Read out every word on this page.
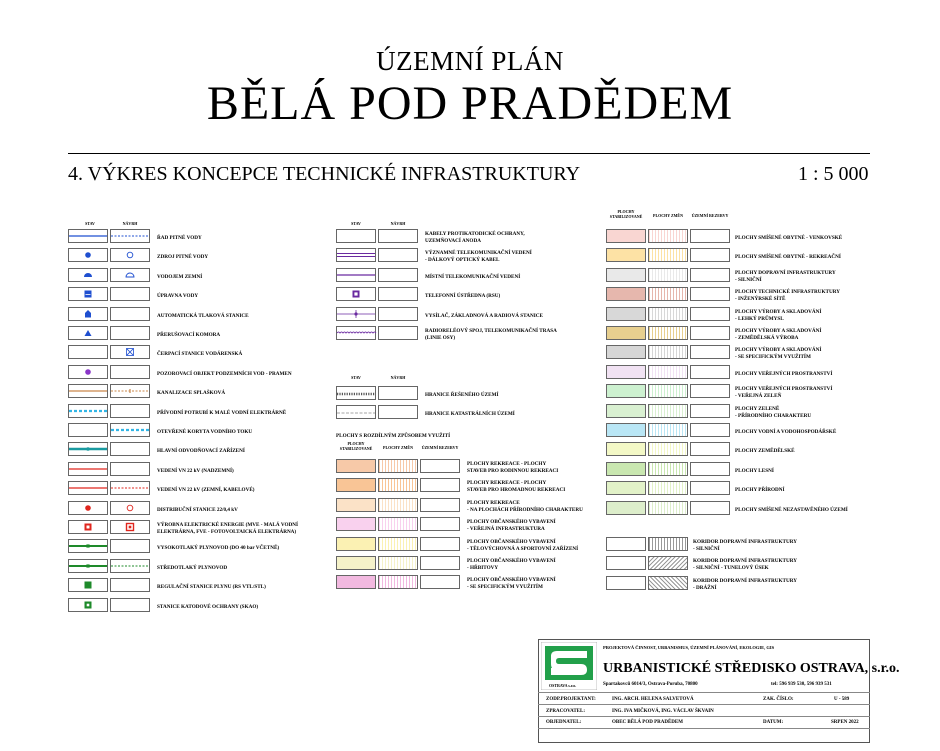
ÚZEMNÍ PLÁN
BĚLÁ POD PRADĚDEM
4. VÝKRES KONCEPCE TECHNICKÉ INFRASTRUKTURY	1 : 5 000
STAV	NÁVRH	STAV	NÁVRH
PLOCHY STABILIZOVANÉ	PLOCHY ZMĚN	ÚZEMNÍ REZERVY
ŘAD PITNÉ VODY
ZDROJ PITNÉ VODY
VODOJEM ZEMNÍ
ÚPRAVNA VODY
AUTOMATICKÁ TLAKOVÁ STANICE
PŘERUŠOVACÍ KOMORA
ČERPACÍ STANICE VODÁRENSKÁ
POZOROVACÍ OBJEKT PODZEMNÍCH VOD - PRAMEN
KANALIZACE SPLAŠKOVÁ
PŘÍVODNÍ POTRUBÍ K MALÉ VODNÍ ELEKTRÁRNĚ
OTEVŘENÉ KORYTA VODNÍHO TOKU
HLAVNÍ ODVODŇOVACÍ ZAŘÍZENÍ
VEDENÍ VN 22 kV (NADZEMNÍ)
VEDENÍ VN 22 kV (ZEMNÍ, KABELOVÉ)
DISTRIBUČNÍ STANICE 22/0,4 kV
VÝROBNA ELEKTRICKÉ ENERGIE (MVE - MALÁ VODNÍ
ELEKTRÁRNA, FVE - FOTOVOLTAICKÁ ELEKTRÁRNA)
VYSOKOTLAKÝ PLYNOVOD (DO 40 bar VČETNĚ)
STŘEDOTLAKÝ PLYNOVOD
REGULAČNÍ STANICE PLYNU (RS VTL/STL)
STANICE KATODOVÉ OCHRANY (SKAO)
KABELY PROTIKATODICKÉ OCHRANY,
UZEMŇOVACÍ ANODA
VÝZNAMNÉ TELEKOMUNIKAČNÍ VEDENÍ
- DÁLKOVÝ OPTICKÝ KABEL
MÍSTNÍ TELEKOMUNIKAČNÍ VEDENÍ
TELEFONNÍ ÚSTŘEDNA (RSU)
VYSÍLAČ, ZÁKLADNOVÁ A RADIOVÁ STANICE
RADIORELÉOVÝ SPOJ, TELEKOMUNIKAČNÍ TRASA
(LINIE OSY)
STAV	NÁVRH
HRANICE ŘEŠENÉHO ÚZEMÍ
HRANICE KATASTRÁLNÍCH ÚZEMÍ
PLOCHY S ROZDÍLNÝM ZPŮSOBEM VYUŽITÍ
PLOCHY STABILIZOVANÉ	PLOCHY ZMĚN	ÚZEMNÍ REZERVY
PLOCHY REKREACE - PLOCHY
STAVEB PRO RODINNOU REKREACI
PLOCHY REKREACE - PLOCHY
STAVEB PRO HROMADNOU REKREACI
PLOCHY REKREACE
- NA PLOCHÁCH PŘÍRODNÍHO CHARAKTERU
PLOCHY OBČANSKÉHO VYBAVENÍ
- VEŘEJNÁ INFRASTRUKTURA
PLOCHY OBČANSKÉHO VYBAVENÍ
- TĚLOVÝCHOVNÁ A SPORTOVNÍ ZAŘÍZENÍ
PLOCHY OBČANSKÉHO VYBAVENÍ
- HŘBITOVY
PLOCHY OBČANSKÉHO VYBAVENÍ
- SE SPECIFICKÝM VYUŽITÍM
PLOCHY SMÍŠENÉ OBYTNÉ - VENKOVSKÉ
PLOCHY SMÍŠENÉ OBYTNÉ - REKREAČNÍ
PLOCHY DOPRAVNÍ INFRASTRUKTURY
- SILNIČNÍ
PLOCHY TECHNICKÉ INFRASTRUKTURY
- INŽENÝRSKÉ SÍTĚ
PLOCHY VÝROBY A SKLADOVÁNÍ
- LEHKÝ PRŮMYSL
PLOCHY VÝROBY A SKLADOVÁNÍ
- ZEMĚDĚLSKÁ VÝROBA
PLOCHY VÝROBY A SKLADOVÁNÍ
- SE SPECIFICKÝM VYUŽITÍM
PLOCHY VEŘEJNÝCH PROSTRANSTVÍ
PLOCHY VEŘEJNÝCH PROSTRANSTVÍ
- VEŘEJNÁ ZELEŇ
PLOCHY ZELENĚ
- PŘÍRODNÍHO CHARAKTERU
PLOCHY VODNÍ A VODOHOSPODÁŘSKÉ
PLOCHY ZEMĚDĚLSKÉ
PLOCHY LESNÍ
PLOCHY PŘÍRODNÍ
PLOCHY SMÍŠENÉ NEZASTAVĚNÉHO ÚZEMÍ
KORIDOR DOPRAVNÍ INFRASTRUKTURY
- SILNIČNÍ
KORIDOR DOPRAVNÍ INFRASTRUKTURY
- SILNIČNÍ - TUNELOVÝ ÚSEK
KORIDOR DOPRAVNÍ INFRASTRUKTURY
- DRÁŽNÍ
OSTRAVA s.r.o.
PROJEKTOVÁ ČINNOST, URBANISMUS, ÚZEMNÍ PLÁNOVÁNÍ, EKOLOGIE, GIS
URBANISTICKÉ STŘEDISKO OSTRAVA, s.r.o.
Spartakovců 6014/3, Ostrava-Poruba, 70800	tel: 596 939 530, 596 939 531
ZODP.PROJEKTANT:	ING. ARCH. HELENA SALVETOVÁ	ZAK. ČÍSLO:	U - 589
ZPRACOVATEL:	ING. IVA MIČKOVÁ, ING. VÁCLAV ŠKVAIN
OBJEDNATEL:	OBEC BĚLÁ POD PRADĚDEM	DATUM:	SRPEN 2022
